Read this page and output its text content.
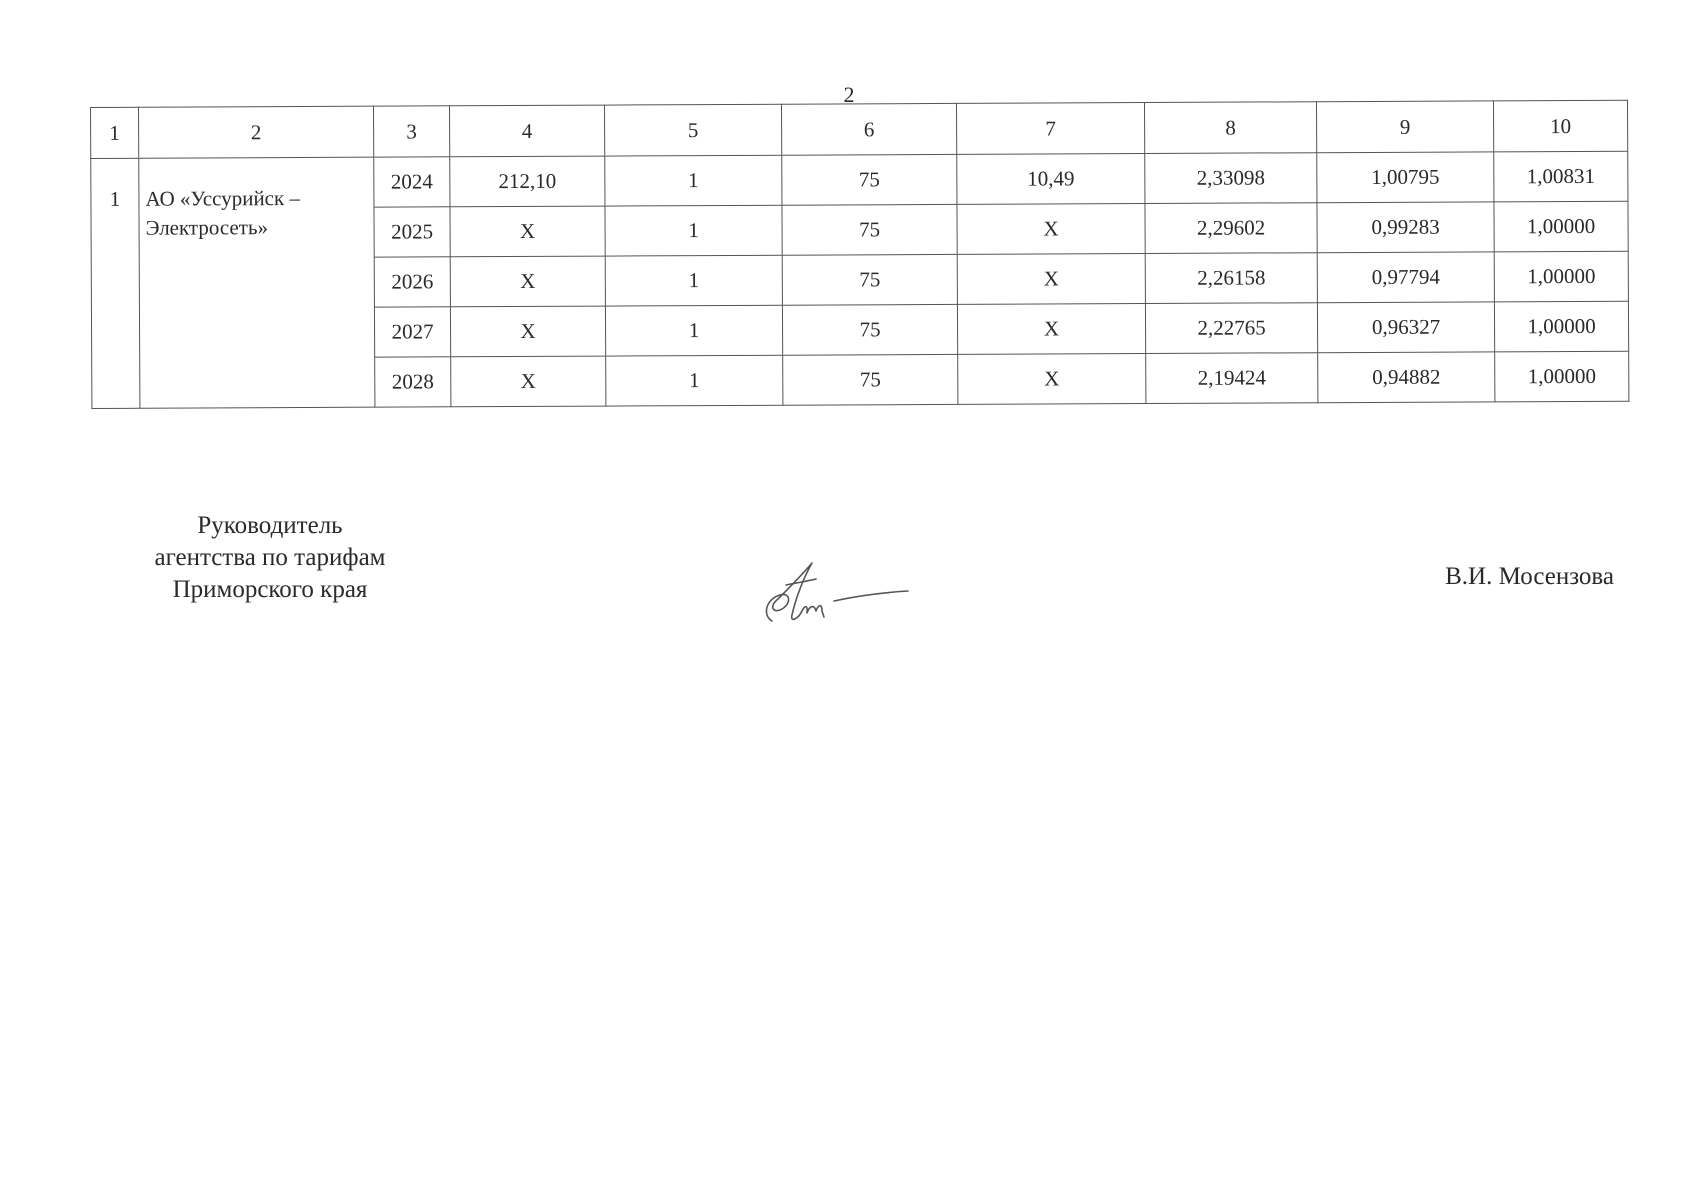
2
1	2	3	4	5	6	7	8	9	10
1	АО «Уссурийск –
Электросеть»	2024	212,10	1	75	10,49	2,33098	1,00795	1,00831
		2025	X	1	75	X	2,29602	0,99283	1,00000
		2026	X	1	75	X	2,26158	0,97794	1,00000
		2027	X	1	75	X	2,22765	0,96327	1,00000
		2028	X	1	75	X	2,19424	0,94882	1,00000
Руководитель
агентства по тарифам
Приморского края	В.И. Мосензова
